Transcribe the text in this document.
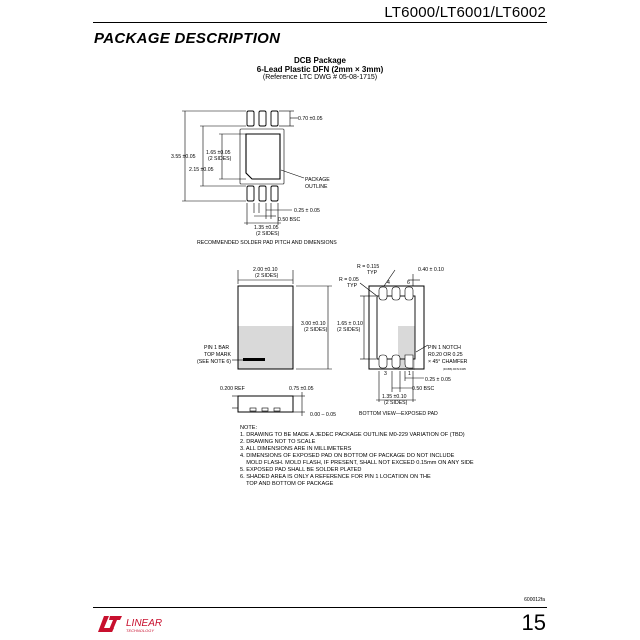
LT6000/LT6001/LT6002
PACKAGE DESCRIPTION
DCB Package
6-Lead Plastic DFN (2mm × 3mm)
(Reference LTC DWG # 05-08-1715)
0.70 ±0.05
3.55 ±0.05
1.65 ±0.05
(2 SIDES)
2.15 ±0.05
PACKAGE
OUTLINE
0.25 ± 0.05
0.50 BSC
1.35 ±0.05
(2 SIDES)
RECOMMENDED SOLDER PAD PITCH AND DIMENSIONS
2.00 ±0.10
(2 SIDES)
3.00 ±0.10
(2 SIDES)
PIN 1 BAR
TOP MARK
(SEE NOTE 6)
0.200 REF	0.75 ±0.05
0.00 – 0.05
R = 0.115
TYP
R = 0.05
TYP
0.40 ± 0.10
4	6
3	1
1.65 ± 0.10
(2 SIDES)
PIN 1 NOTCH
R0.20 OR 0.25
× 45° CHAMFER
(DCB6) DFN 0405
0.25 ± 0.05
0.50 BSC
1.35 ±0.10
(2 SIDES)
BOTTOM VIEW—EXPOSED PAD
NOTE:
1. DRAWING TO BE MADE A JEDEC PACKAGE OUTLINE M0-229 VARIATION OF (TBD)
2. DRAWING NOT TO SCALE
3. ALL DIMENSIONS ARE IN MILLIMETERS
4. DIMENSIONS OF EXPOSED PAD ON BOTTOM OF PACKAGE DO NOT INCLUDE
MOLD FLASH. MOLD FLASH, IF PRESENT, SHALL NOT EXCEED 0.15mm ON ANY SIDE
5. EXPOSED PAD SHALL BE SOLDER PLATED
6. SHADED AREA IS ONLY A REFERENCE FOR PIN 1 LOCATION ON THE
TOP AND BOTTOM OF PACKAGE
600012fa
LINEAR
TECHNOLOGY	15
